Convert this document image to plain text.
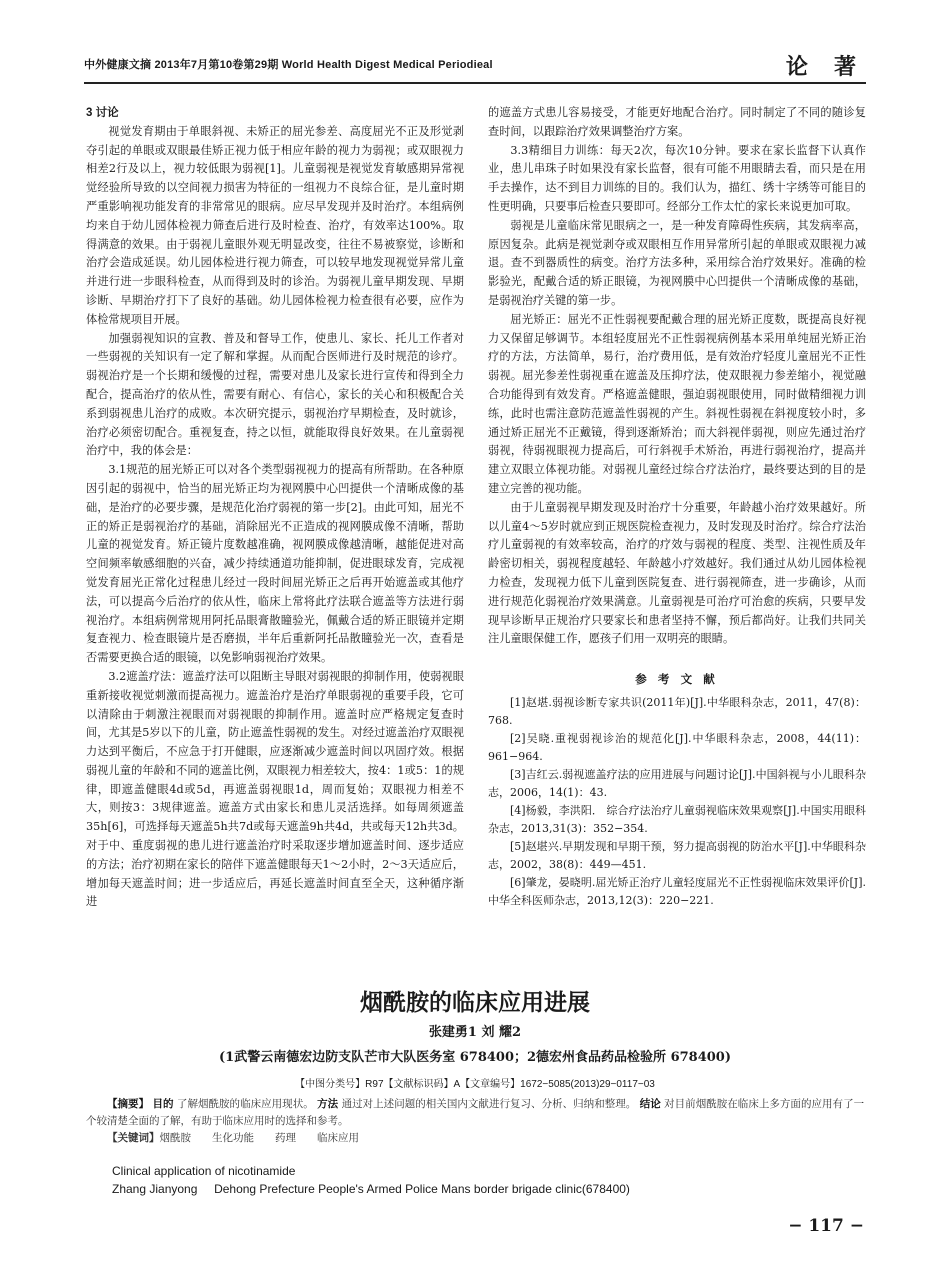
中外健康文摘 2013年7月第10卷第29期 World Health Digest Medical Periodieal	论 著
3 讨论

视觉发育期由于单眼斜视、未矫正的屈光参差、高度屈光不正及形觉剥夺引起的单眼或双眼最佳矫正视力低于相应年龄的视力为弱视；或双眼视力相差2行及以上，视力较低眼为弱视[1]。儿童弱视是视觉发育敏感期异常视觉经验所导致的以空间视力损害为特征的一组视力不良综合征，是儿童时期严重影响视功能发育的非常常见的眼病。应尽早发现并及时治疗。本组病例均来自于幼儿园体检视力筛查后进行及时检查、治疗，有效率达100%。取得满意的效果。由于弱视儿童眼外观无明显改变，往往不易被察觉，诊断和治疗会造成延误。幼儿园体检进行视力筛查，可以较早地发现视觉异常儿童并进行进一步眼科检查，从而得到及时的诊治。为弱视儿童早期发现、早期诊断、早期治疗打下了良好的基础。幼儿园体检视力检查很有必要，应作为体检常规项目开展。

加强弱视知识的宣教、普及和督导工作，使患儿、家长、托儿工作者对一些弱视的关知识有一定了解和掌握。从而配合医师进行及时规范的诊疗。弱视治疗是一个长期和缓慢的过程，需要对患儿及家长进行宣传和得到全力配合，提高治疗的依从性，需要有耐心、有信心，家长的关心和积极配合关系到弱视患儿治疗的成败。本次研究提示，弱视治疗早期检查，及时就诊，治疗必须密切配合。重视复查，持之以恒，就能取得良好效果。在儿童弱视治疗中，我的体会是：

3.1规范的屈光矫正可以对各个类型弱视视力的提高有所帮助。在各种原因引起的弱视中，恰当的屈光矫正均为视网膜中心凹提供一个清晰成像的基础，是治疗的必要步骤，是规范化治疗弱视的第一步[2]。由此可知，屈光不正的矫正是弱视治疗的基础，消除屈光不正造成的视网膜成像不清晰，帮助儿童的视觉发育。矫正镜片度数越准确，视网膜成像越清晰，越能促进对高空间频率敏感细胞的兴奋，减少持续通道功能抑制，促进眼球发育，完成视觉发育屈光正常化过程患儿经过一段时间屈光矫正之后再开始遮盖或其他疗法，可以提高今后治疗的依从性，临床上常将此疗法联合遮盖等方法进行弱视治疗。本组病例常规用阿托品眼膏散瞳验光，佩戴合适的矫正眼镜并定期复查视力、检查眼镜片是否磨损，半年后重新阿托品散瞳验光一次，查看是否需要更换合适的眼镜，以免影响弱视治疗效果。

3.2遮盖疗法：遮盖疗法可以阻断主导眼对弱视眼的抑制作用，使弱视眼重新接收视觉刺激而提高视力。遮盖治疗是治疗单眼弱视的重要手段，它可以清除由于刺激注视眼而对弱视眼的抑制作用。遮盖时应严格规定复查时间，尤其是5岁以下的儿童，防止遮盖性弱视的发生。对经过遮盖治疗双眼视力达到平衡后，不应急于打开健眼，应逐渐减少遮盖时间以巩固疗效。根据弱视儿童的年龄和不同的遮盖比例，双眼视力相差较大，按4：1或5：1的规律，即遮盖健眼4d或5d，再遮盖弱视眼1d，周而复始；双眼视力相差不大，则按3：3规律遮盖。遮盖方式由家长和患儿灵活选择。如每周须遮盖35h[6]，可选择每天遮盖5h共7d或每天遮盖9h共4d，共或每天12h共3d。对于中、重度弱视的患儿进行遮盖治疗时采取逐步增加遮盖时间、逐步适应的方法；治疗初期在家长的陪伴下遮盖健眼每天1～2小时，2～3天适应后，增加每天遮盖时间；进一步适应后，再延长遮盖时间直至全天，这种循序渐进

的遮盖方式患儿容易接受，才能更好地配合治疗。同时制定了不同的随诊复查时间，以跟踪治疗效果调整治疗方案。

3.3精细目力训练：每天2次，每次10分钟。要求在家长监督下认真作业，患儿串珠子时如果没有家长监督，很有可能不用眼睛去看，而只是在用手去操作，达不到目力训练的目的。我们认为，描红、绣十字绣等可能目的性更明确，只要事后检查只要即可。经部分工作太忙的家长来说更加可取。

弱视是儿童临床常见眼病之一，是一种发育障碍性疾病，其发病率高，原因复杂。此病是视觉剥夺或双眼相互作用异常所引起的单眼或双眼视力减退。查不到器质性的病变。治疗方法多种，采用综合治疗效果好。准确的检影验光，配戴合适的矫正眼镜，为视网膜中心凹提供一个清晰成像的基础，是弱视治疗关键的第一步。

屈光矫正：屈光不正性弱视要配戴合理的屈光矫正度数，既提高良好视力又保留足够调节。本组轻度屈光不正性弱视病例基本采用单纯屈光矫正治疗的方法，方法简单，易行，治疗费用低，是有效治疗轻度儿童屈光不正性弱视。屈光参差性弱视重在遮盖及压抑疗法，使双眼视力参差缩小，视觉融合功能得到有效发育。严格遮盖健眼，强迫弱视眼使用，同时做精细视力训练，此时也需注意防范遮盖性弱视的产生。斜视性弱视在斜视度较小时，多通过矫正屈光不正戴镜，得到逐渐矫治；而大斜视伴弱视，则应先通过治疗弱视，待弱视眼视力提高后，可行斜视手术矫治，再进行弱视治疗，提高并建立双眼立体视功能。对弱视儿童经过综合疗法治疗，最终要达到的目的是建立完善的视功能。

由于儿童弱视早期发现及时治疗十分重要，年龄越小治疗效果越好。所以儿童4～5岁时就应到正规医院检查视力，及时发现及时治疗。综合疗法治疗儿童弱视的有效率较高，治疗的疗效与弱视的程度、类型、注视性质及年龄密切相关，弱视程度越轻、年龄越小疗效越好。我们通过从幼儿园体检视力检查，发现视力低下儿童到医院复查、进行弱视筛查，进一步确诊，从而进行规范化弱视治疗效果满意。儿童弱视是可治疗可治愈的疾病，只要早发现早诊断早正规治疗只要家长和患者坚持不懈，预后都尚好。让我们共同关注儿童眼保健工作，愿孩子们用一双明亮的眼睛。

参 考 文 献

[1]赵堪.弱视诊断专家共识(2011年)[J].中华眼科杂志，2011，47(8)：768.

[2]吴晓.重视弱视诊治的规范化[J].中华眼科杂志，2008，44(11)：961−964.

[3]吉红云.弱视遮盖疗法的应用进展与问题讨论[J].中国斜视与小儿眼科杂志，2006，14(1)：43.

[4]杨毅，李洪阳． 综合疗法治疗儿童弱视临床效果观察[J].中国实用眼科杂志，2013,31(3)：352−354.

[5]赵堪兴.早期发现和早期干预，努力提高弱视的防治水平[J].中华眼科杂志，2002，38(8)：449—451.

[6]肇龙，晏晓明.屈光矫正治疗儿童轻度屈光不正性弱视临床效果评价[J]. 中华全科医师杂志，2013,12(3)：220−221.

烟酰胺的临床应用进展
张建勇1 刘 耀2
(1武警云南德宏边防支队芒市大队医务室 678400；2德宏州食品药品检验所 678400)
【中图分类号】R97【文献标识码】A【文章编号】1672−5085(2013)29−0117−03
【摘要】 目的 了解烟酰胺的临床应用现状。 方法 通过对上述问题的相关国内文献进行复习、分析、归纳和整理。 结论 对目前烟酰胺在临床上多方面的应用有了一个较清楚全面的了解，有助于临床应用时的选择和参考。
【关键词】烟酰胺　　生化功能　　药理　　临床应用
Clinical application of nicotinamide
Zhang Jianyong     Dehong Prefecture People's Armed Police Mans border brigade clinic(678400)
− 117 −
